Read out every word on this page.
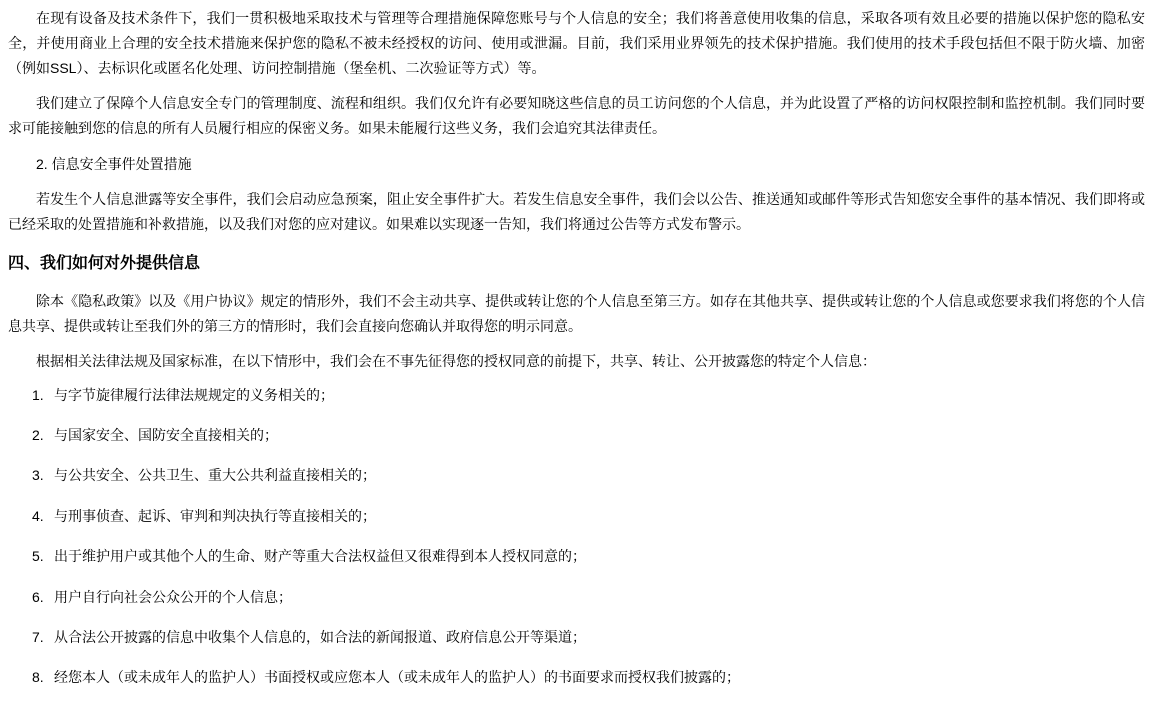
在现有设备及技术条件下，我们一贯积极地采取技术与管理等合理措施保障您账号与个人信息的安全；我们将善意使用收集的信息，采取各项有效且必要的措施以保护您的隐私安全，并使用商业上合理的安全技术措施来保护您的隐私不被未经授权的访问、使用或泄漏。目前，我们采用业界领先的技术保护措施。我们使用的技术手段包括但不限于防火墙、加密（例如SSL）、去标识化或匿名化处理、访问控制措施（堡垒机、二次验证等方式）等。

我们建立了保障个人信息安全专门的管理制度、流程和组织。我们仅允许有必要知晓这些信息的员工访问您的个人信息，并为此设置了严格的访问权限控制和监控机制。我们同时要求可能接触到您的信息的所有人员履行相应的保密义务。如果未能履行这些义务，我们会追究其法律责任。

2. 信息安全事件处置措施

若发生个人信息泄露等安全事件，我们会启动应急预案，阻止安全事件扩大。若发生信息安全事件，我们会以公告、推送通知或邮件等形式告知您安全事件的基本情况、我们即将或已经采取的处置措施和补救措施，以及我们对您的应对建议。如果难以实现逐一告知，我们将通过公告等方式发布警示。

四、我们如何对外提供信息

除本《隐私政策》以及《用户协议》规定的情形外，我们不会主动共享、提供或转让您的个人信息至第三方。如存在其他共享、提供或转让您的个人信息或您要求我们将您的个人信息共享、提供或转让至我们外的第三方的情形时，我们会直接向您确认并取得您的明示同意。

根据相关法律法规及国家标准，在以下情形中，我们会在不事先征得您的授权同意的前提下，共享、转让、公开披露您的特定个人信息：

与字节旋律履行法律法规规定的义务相关的；
与国家安全、国防安全直接相关的；
与公共安全、公共卫生、重大公共利益直接相关的；
与刑事侦查、起诉、审判和判决执行等直接相关的；
出于维护用户或其他个人的生命、财产等重大合法权益但又很难得到本人授权同意的；
用户自行向社会公众公开的个人信息；
从合法公开披露的信息中收集个人信息的，如合法的新闻报道、政府信息公开等渠道；
经您本人（或未成年人的监护人）书面授权或应您本人（或未成年人的监护人）的书面要求而授权我们披露的；
